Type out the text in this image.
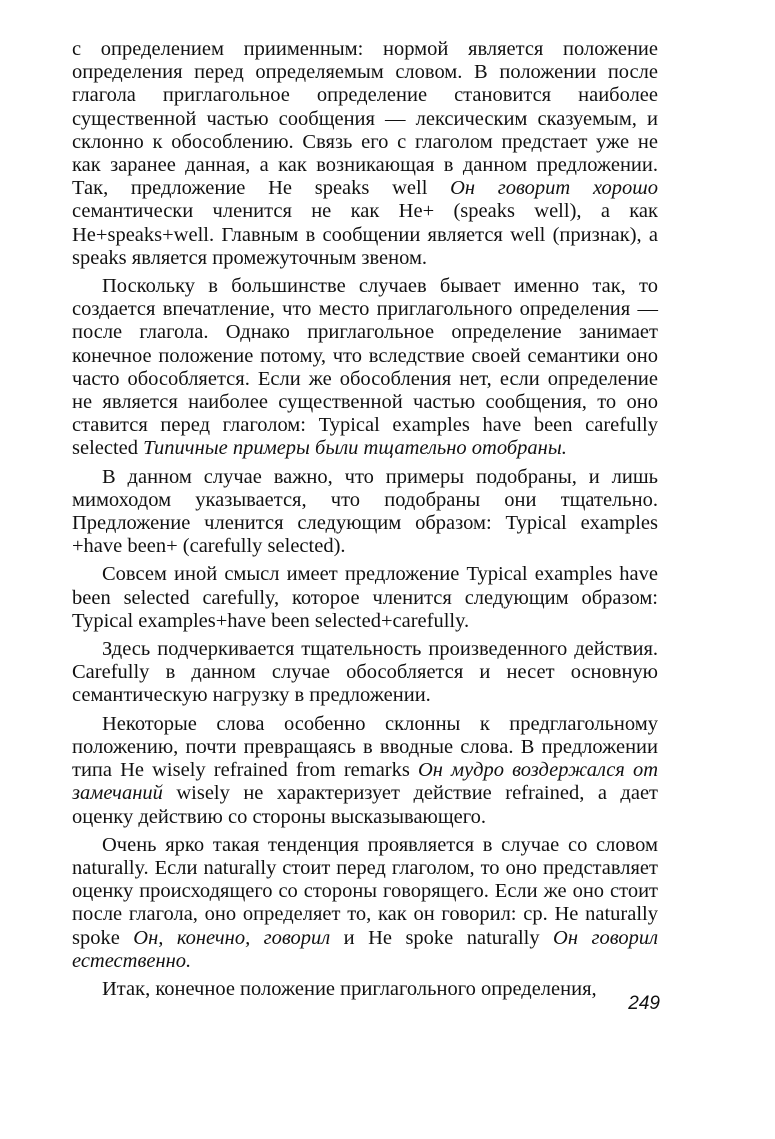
с определением приименным: нормой является положение определения перед определяемым словом. В положении после глагола приглагольное определение становится наиболее существенной частью сообщения — лексическим сказуемым, и склонно к обособлению. Связь его с глаголом предстает уже не как заранее данная, а как возникающая в данном предложении. Так, предложение He speaks well Он говорит хорошо семантически членится не как He+ (speaks well), а как He+speaks+well. Главным в сообщении является well (признак), а speaks является промежуточным звеном.

Поскольку в большинстве случаев бывает именно так, то создается впечатление, что место приглагольного определения — после глагола. Однако приглагольное определение занимает конечное положение потому, что вследствие своей семантики оно часто обособляется. Если же обособления нет, если определение не является наиболее существенной частью сообщения, то оно ставится перед глаголом: Typical examples have been carefully selected Типичные примеры были тщательно отобраны.

В данном случае важно, что примеры подобраны, и лишь мимоходом указывается, что подобраны они тщательно. Предложение членится следующим образом: Typical examples +have been+ (carefully selected).

Совсем иной смысл имеет предложение Typical examples have been selected carefully, которое членится следующим образом: Typical examples+have been selected+carefully.

Здесь подчеркивается тщательность произведенного действия. Carefully в данном случае обособляется и несет основную семантическую нагрузку в предложении.

Некоторые слова особенно склонны к предглагольному положению, почти превращаясь в вводные слова. В предложении типа He wisely refrained from remarks Он мудро воздержался от замечаний wisely не характеризует действие refrained, а дает оценку действию со стороны высказывающего.

Очень ярко такая тенденция проявляется в случае со словом naturally. Если naturally стоит перед глаголом, то оно представляет оценку происходящего со стороны говорящего. Если же оно стоит после глагола, оно определяет то, как он говорил: ср. He naturally spoke Он, конечно, говорил и He spoke naturally Он говорил естественно.

Итак, конечное положение приглагольного определения,

249
